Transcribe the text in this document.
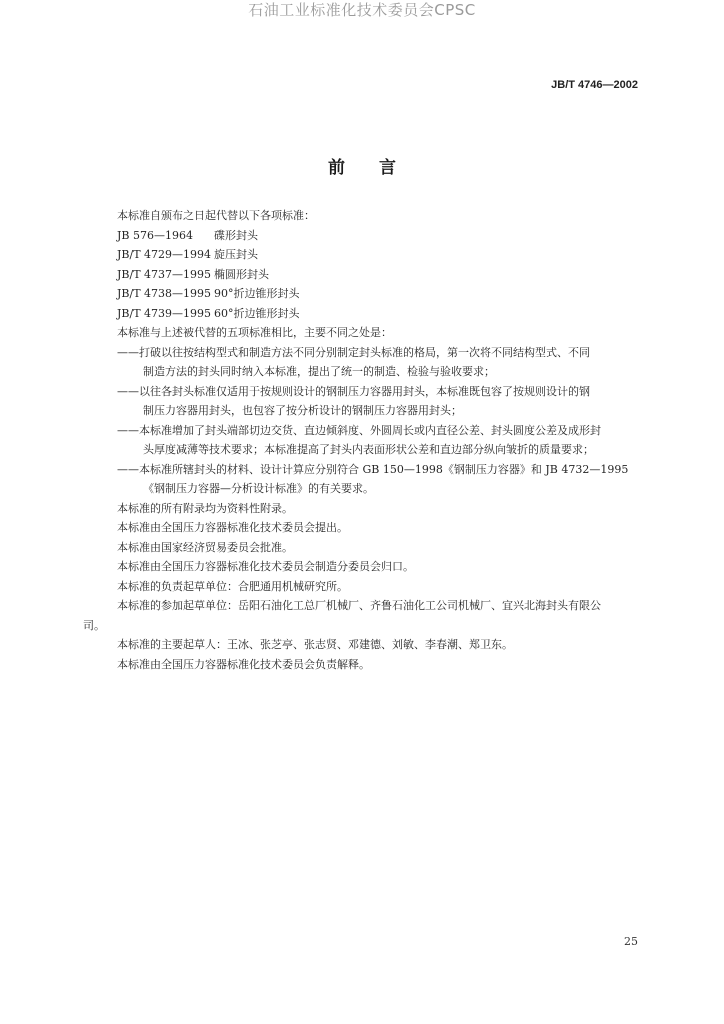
石油工业标准化技术委员会CPSC
JB/T 4746—2002
前言

本标准自颁布之日起代替以下各项标准：

JB 576—1964 碟形封头

JB/T 4729—1994 旋压封头

JB/T 4737—1995 椭圆形封头

JB/T 4738—1995 90°折边锥形封头

JB/T 4739—1995 60°折边锥形封头

本标准与上述被代替的五项标准相比，主要不同之处是：

——打破以往按结构型式和制造方法不同分别制定封头标准的格局，第一次将不同结构型式、不同

制造方法的封头同时纳入本标准，提出了统一的制造、检验与验收要求；

——以往各封头标准仅适用于按规则设计的钢制压力容器用封头，本标准既包容了按规则设计的钢

制压力容器用封头，也包容了按分析设计的钢制压力容器用封头；

——本标准增加了封头端部切边交货、直边倾斜度、外圆周长或内直径公差、封头圆度公差及成形封

头厚度减薄等技术要求；本标准提高了封头内表面形状公差和直边部分纵向皱折的质量要求；

——本标准所辖封头的材料、设计计算应分别符合 GB 150—1998《钢制压力容器》和 JB 4732—1995

《钢制压力容器—分析设计标准》的有关要求。

本标准的所有附录均为资料性附录。

本标准由全国压力容器标准化技术委员会提出。

本标准由国家经济贸易委员会批准。

本标准由全国压力容器标准化技术委员会制造分委员会归口。

本标准的负责起草单位：合肥通用机械研究所。

本标准的参加起草单位：岳阳石油化工总厂机械厂、齐鲁石油化工公司机械厂、宜兴北海封头有限公

司。

本标准的主要起草人：王冰、张芝亭、张志贤、邓建德、刘敏、李春潮、郑卫东。

本标准由全国压力容器标准化技术委员会负责解释。

25
